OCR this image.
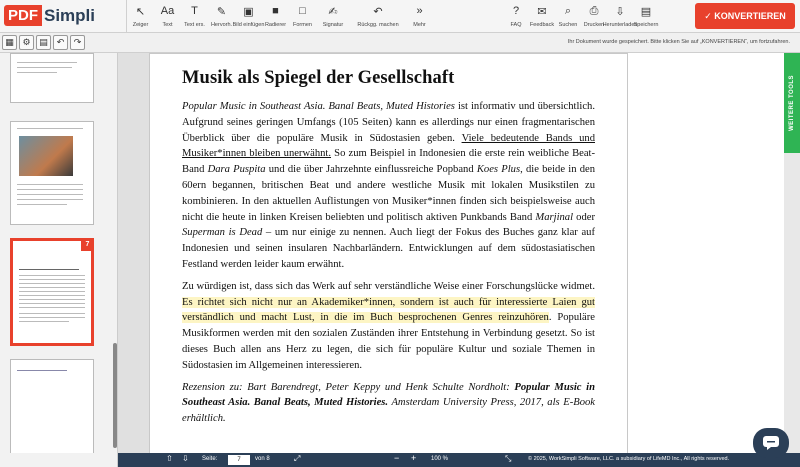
PDF Simpli	↖
Zeiger
Aa
Text
T
Text ers.
✎
Hervorh.
▣
Bild einfügen
■
Radierer
□
Formen
✍
Signatur
↶
Rückgg. machen
»
Mehr
?
FAQ
✉
Feedback
⌕
Suchen
⎙
Drucken
⇩
Herunterladen
▤
Speichern
✓ KONVERTIEREN
▦ ⚙ ▤ ↶	↷	Ihr Dokument wurde gespeichert. Bitte klicken Sie auf „KONVERTIEREN“, um fortzufahren.
7
Musik als Spiegel der Gesellschaft

Popular Music in Southeast Asia. Banal Beats, Muted Histories ist informativ und übersichtlich. Aufgrund seines geringen Umfangs (105 Seiten) kann es allerdings nur einen fragmentarischen Überblick über die populäre Musik in Südostasien geben. Viele bedeutende Bands und Musiker*innen bleiben unerwähnt. So zum Beispiel in Indonesien die erste rein weibliche Beat-Band Dara Puspita und die über Jahrzehnte einflussreiche Popband Koes Plus, die beide in den 60ern begannen, britischen Beat und andere westliche Musik mit lokalen Musikstilen zu kombinieren. In den aktuellen Auflistungen von Musiker*innen finden sich beispielsweise auch nicht die heute in linken Kreisen beliebten und politisch aktiven Punkbands Band Marjinal oder Superman is Dead – um nur einige zu nennen. Auch liegt der Fokus des Buches ganz klar auf Indonesien und seinen insularen Nachbarländern. Entwicklungen auf dem südostasiatischen Festland werden leider kaum erwähnt.

Zu würdigen ist, dass sich das Werk auf sehr verständliche Weise einer Forschungslücke widmet. Es richtet sich nicht nur an Akademiker*innen, sondern ist auch für interessierte Laien gut verständlich und macht Lust, in die im Buch besprochenen Genres reinzuhören. Populäre Musikformen werden mit den sozialen Zuständen ihrer Entstehung in Verbindung gesetzt. So ist dieses Buch allen ans Herz zu legen, die sich für populäre Kultur und soziale Themen in Südostasien im Allgemeinen interessieren.

Rezension zu: Bart Barendregt, Peter Keppy und Henk Schulte Nordholt: Popular Music in Southeast Asia. Banal Beats, Muted Histories. Amsterdam University Press, 2017, als E-Book erhältlich.

WEITERE TOOLS
⇧ ⇩ Seite:	7	von 8	⤢	− + 100 %	⤡	© 2025, WorkSimpli Software, LLC. a subsidiary of LifeMD Inc., All rights reserved.
